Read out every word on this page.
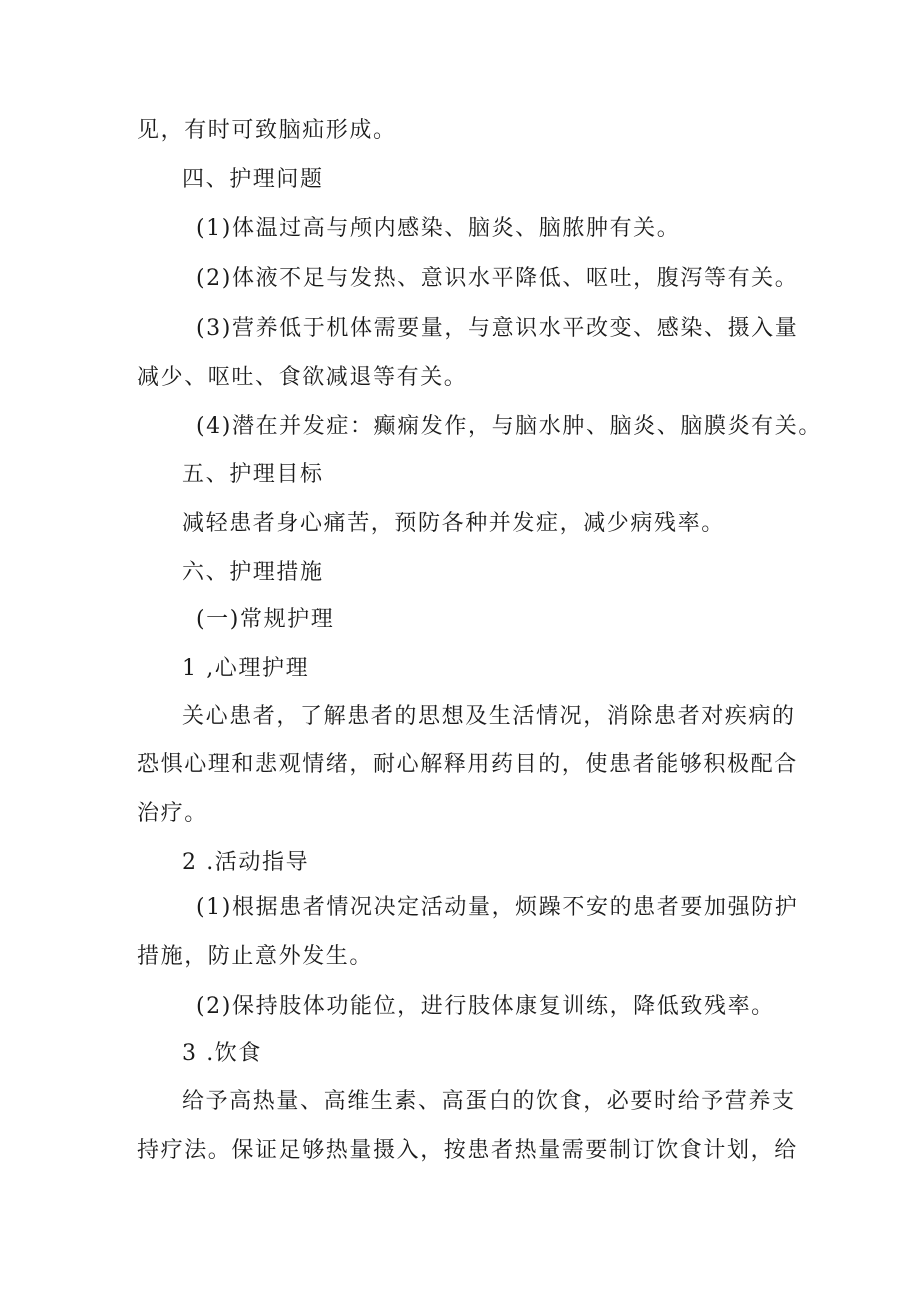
见，有时可致脑疝形成。
四、护理问题
(1)体温过高与颅内感染、脑炎、脑脓肿有关。
(2)体液不足与发热、意识水平降低、呕吐，腹泻等有关。
(3)营养低于机体需要量，与意识水平改变、感染、摄入量
减少、呕吐、食欲减退等有关。
(4)潜在并发症：癫痫发作，与脑水肿、脑炎、脑膜炎有关。
五、护理目标
减轻患者身心痛苦，预防各种并发症，减少病残率。
六、护理措施
(一)常规护理
1 ,心理护理
关心患者，了解患者的思想及生活情况，消除患者对疾病的
恐惧心理和悲观情绪，耐心解释用药目的，使患者能够积极配合
治疗。
2 .活动指导
(1)根据患者情况决定活动量，烦躁不安的患者要加强防护
措施，防止意外发生。
(2)保持肢体功能位，进行肢体康复训练，降低致残率。
3 .饮食
给予高热量、高维生素、高蛋白的饮食，必要时给予营养支
持疗法。保证足够热量摄入，按患者热量需要制订饮食计划，给
